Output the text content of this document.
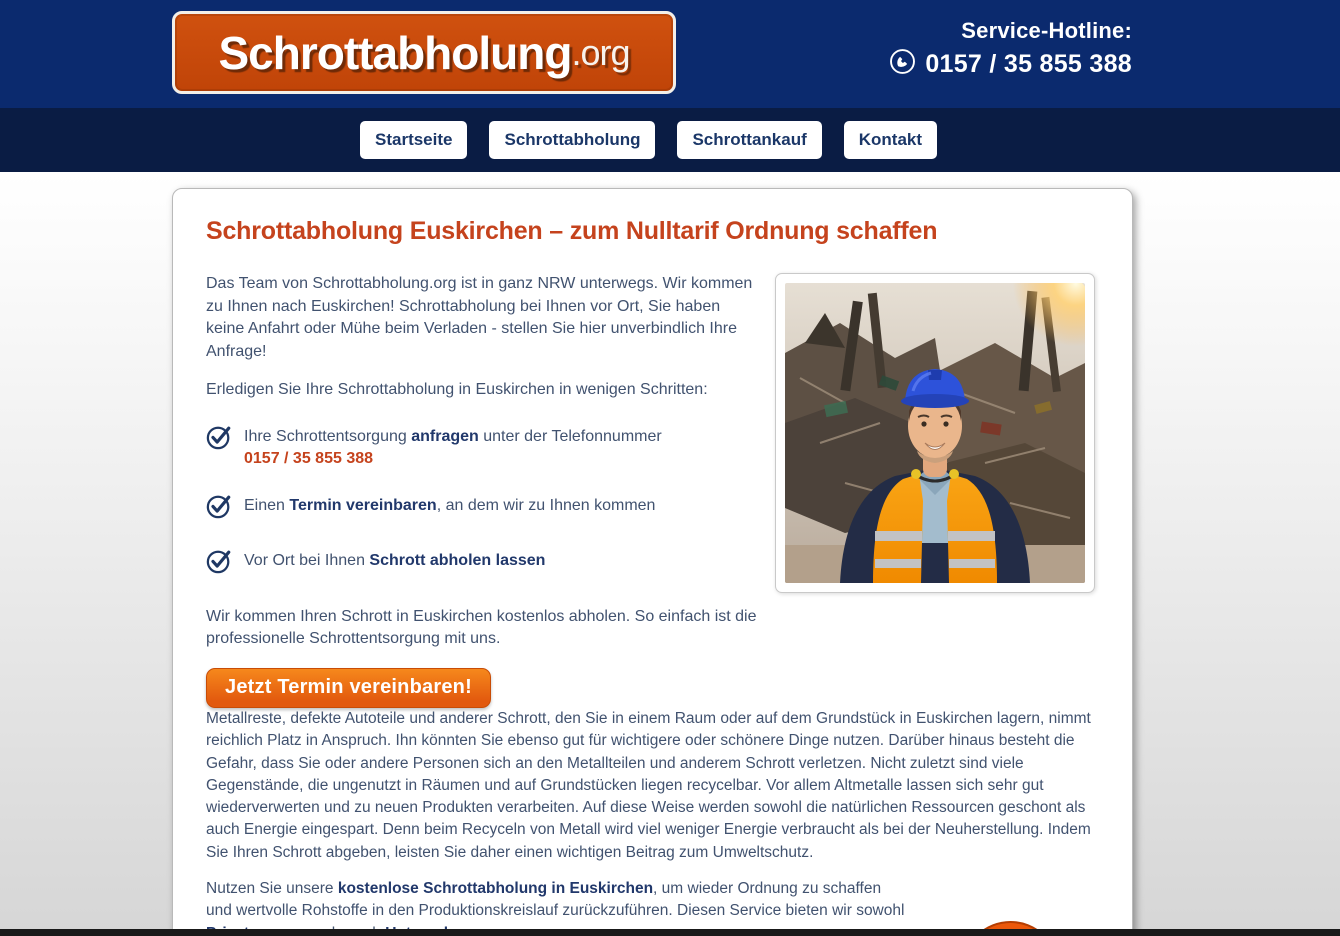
Schrottabholung .org
Service-Hotline:
0157 / 35 855 388
Startseite	Schrottabholung	Schrottankauf	Kontakt
Schrottabholung Euskirchen – zum Nulltarif Ordnung schaffen

Das Team von Schrottabholung.org ist in ganz NRW unterwegs. Wir kommen zu Ihnen nach Euskirchen! Schrottabholung bei Ihnen vor Ort, Sie haben keine Anfahrt oder Mühe beim Verladen - stellen Sie hier unverbindlich Ihre Anfrage!

Erledigen Sie Ihre Schrottabholung in Euskirchen in wenigen Schritten:

Ihre Schrottentsorgung anfragen unter der Telefonnummer
0157 / 35 855 388
Einen Termin vereinbaren, an dem wir zu Ihnen kommen
Vor Ort bei Ihnen Schrott abholen lassen

Wir kommen Ihren Schrott in Euskirchen kostenlos abholen. So einfach ist die professionelle Schrottentsorgung mit uns.

Jetzt Termin vereinbaren!

Metallreste, defekte Autoteile und anderer Schrott, den Sie in einem Raum oder auf dem Grundstück in Euskirchen lagern, nimmt reichlich Platz in Anspruch. Ihn könnten Sie ebenso gut für wichtigere oder schönere Dinge nutzen. Darüber hinaus besteht die Gefahr, dass Sie oder andere Personen sich an den Metallteilen und anderem Schrott verletzen. Nicht zuletzt sind viele Gegenstände, die ungenutzt in Räumen und auf Grundstücken liegen recycelbar. Vor allem Altmetalle lassen sich sehr gut wiederverwerten und zu neuen Produkten verarbeiten. Auf diese Weise werden sowohl die natürlichen Ressourcen geschont als auch Energie eingespart. Denn beim Recyceln von Metall wird viel weniger Energie verbraucht als bei der Neuherstellung. Indem Sie Ihren Schrott abgeben, leisten Sie daher einen wichtigen Beitrag zum Umweltschutz.

Nutzen Sie unsere kostenlose Schrottabholung in Euskirchen, um wieder Ordnung zu schaffen und wertvolle Rohstoffe in den Produktionskreislauf zurückzuführen. Diesen Service bieten wir sowohl
